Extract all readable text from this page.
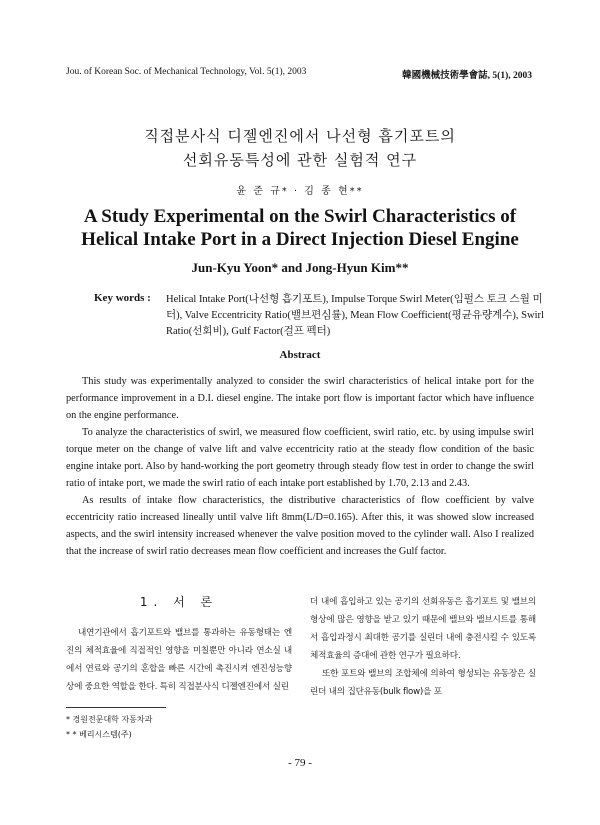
Jou. of Korean Soc. of Mechanical Technology, Vol. 5(1), 2003	韓國機械技術學會誌, 5(1), 2003
직접분사식 디젤엔진에서 나선형 흡기포트의
선회유동특성에 관한 실험적 연구
윤 준 규* · 김 종 현**
A Study Experimental on the Swirl Characteristics of
Helical Intake Port in a Direct Injection Diesel Engine
Jun-Kyu Yoon* and Jong-Hyun Kim**
Key words : Helical Intake Port(나선형 흡기포트), Impulse Torque Swirl Meter(임펄스 토크 스월 미터), Valve Eccentricity Ratio(밸브편심률), Mean Flow Coefficient(평균유량계수), Swirl Ratio(선회비), Gulf Factor(걸프 펙터)
Abstract

This study was experimentally analyzed to consider the swirl characteristics of helical intake port for the performance improvement in a D.I. diesel engine. The intake port flow is important factor which have influence on the engine performance.

To analyze the characteristics of swirl, we measured flow coefficient, swirl ratio, etc. by using impulse swirl torque meter on the change of valve lift and valve eccentricity ratio at the steady flow condition of the basic engine intake port. Also by hand-working the port geometry through steady flow test in order to change the swirl ratio of intake port, we made the swirl ratio of each intake port established by 1.70, 2.13 and 2.43.

As results of intake flow characteristics, the distributive characteristics of flow coefficient by valve eccentricity ratio increased lineally until valve lift 8mm(L/D=0.165). After this, it was showed slow increased aspects, and the swirl intensity increased whenever the valve position moved to the cylinder wall. Also I realized that the increase of swirl ratio decreases mean flow coefficient and increases the Gulf factor.

1. 서 론

내연기관에서 흡기포트와 밸브를 통과하는 유동형태는 엔진의 체적효율에 직접적인 영향을 미칠뿐만 아니라 연소실 내에서 연료와 공기의 혼합을 빠른 시간에 촉진시켜 엔진성능향상에 중요한 역할을 한다. 특히 직접분사식 디젤엔진에서 실린

더 내에 흡입하고 있는 공기의 선회유동은 흡기포트 및 밸브의 형상에 많은 영향을 받고 있기 때문에 밸브와 밸브시트를 통해서 흡입과정시 최대한 공기를 실린더 내에 충전시킬 수 있도록 체적효율의 증대에 관한 연구가 필요하다.

또한 포트와 밸브의 조합체에 의하여 형성되는 유동장은 실린더 내의 집단유동(bulk flow)을 포

* 경원전문대학 자동차과
* * 베리시스템(주)
- 79 -
